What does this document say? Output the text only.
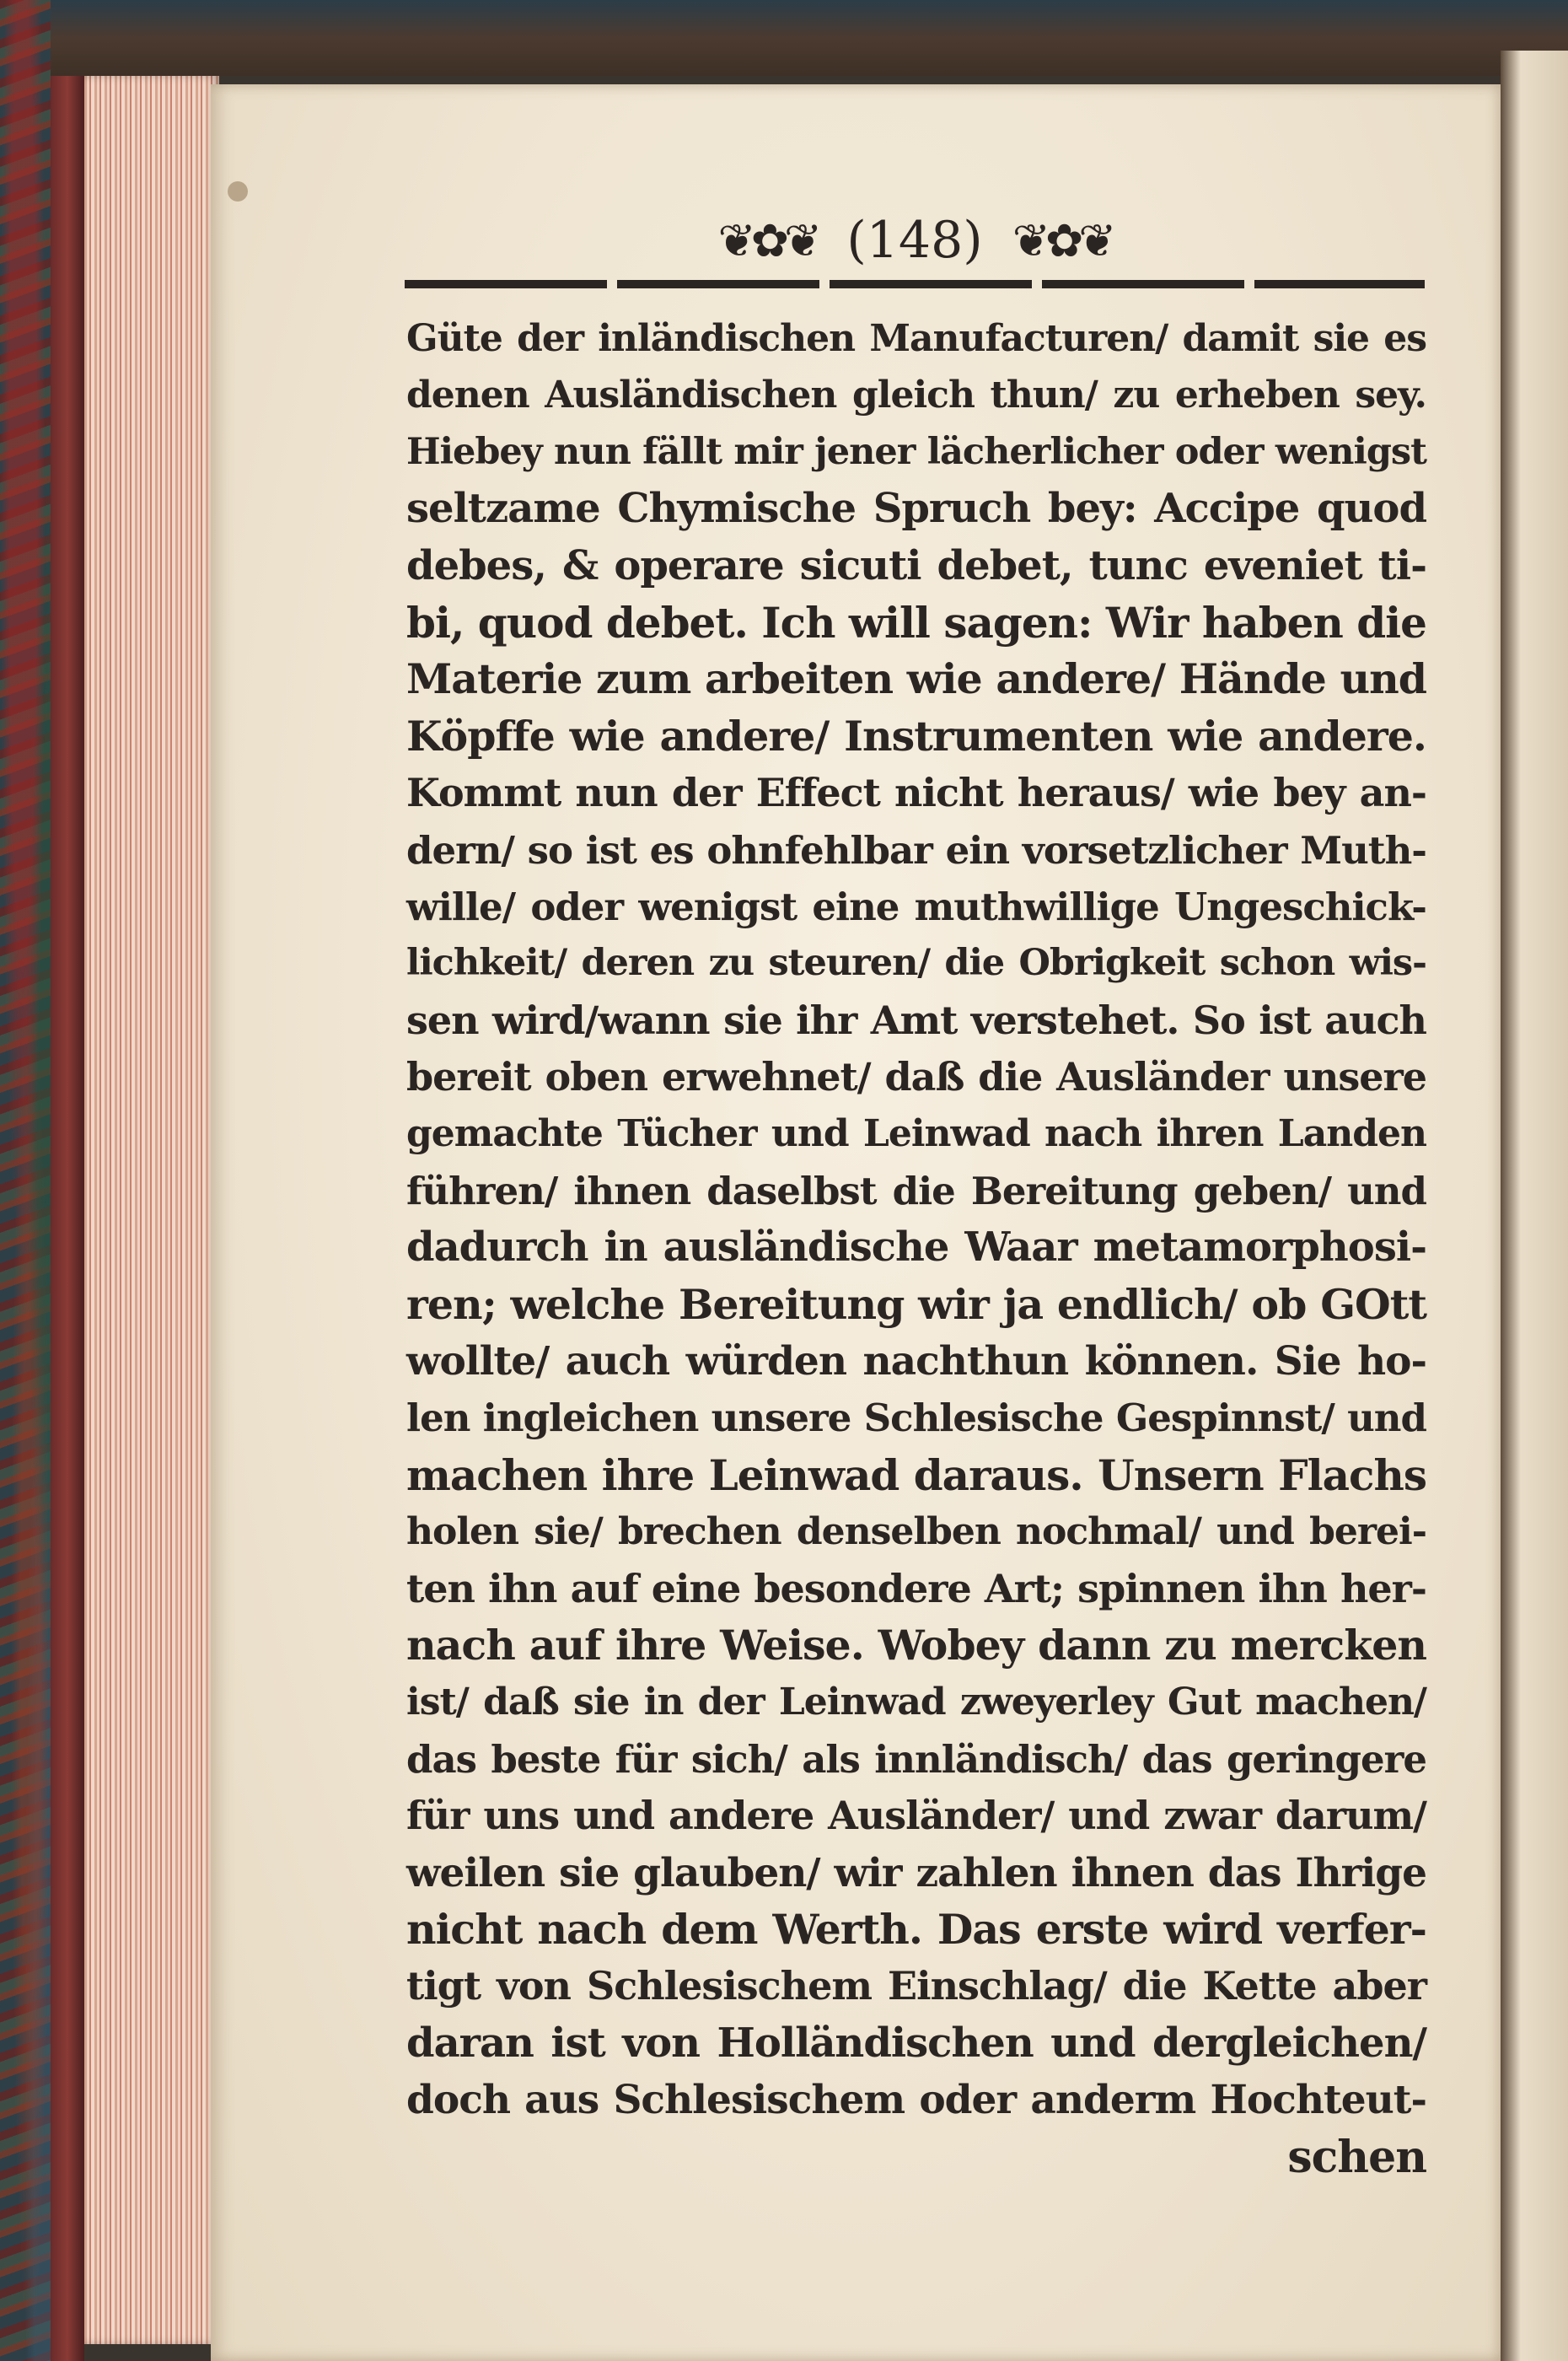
❦✿❦ (148) ❦✿❦
Güte der inländischen Manufacturen/ damit sie es
denen Ausländischen gleich thun/ zu erheben sey.
Hiebey nun fällt mir jener lächerlicher oder wenigst
seltzame Chymische Spruch bey: Accipe quod
debes, & operare sicuti debet, tunc eveniet ti-
bi, quod debet. Ich will sagen: Wir haben die
Materie zum arbeiten wie andere/ Hände und
Köpffe wie andere/ Instrumenten wie andere.
Kommt nun der Effect nicht heraus/ wie bey an-
dern/ so ist es ohnfehlbar ein vorsetzlicher Muth-
wille/ oder wenigst eine muthwillige Ungeschick-
lichkeit/ deren zu steuren/ die Obrigkeit schon wis-
sen wird/wann sie ihr Amt verstehet. So ist auch
bereit oben erwehnet/ daß die Ausländer unsere
gemachte Tücher und Leinwad nach ihren Landen
führen/ ihnen daselbst die Bereitung geben/ und
dadurch in ausländische Waar metamorphosi-
ren; welche Bereitung wir ja endlich/ ob GOtt
wollte/ auch würden nachthun können. Sie ho-
len ingleichen unsere Schlesische Gespinnst/ und
machen ihre Leinwad daraus. Unsern Flachs
holen sie/ brechen denselben nochmal/ und berei-
ten ihn auf eine besondere Art; spinnen ihn her-
nach auf ihre Weise. Wobey dann zu mercken
ist/ daß sie in der Leinwad zweyerley Gut machen/
das beste für sich/ als innländisch/ das geringere
für uns und andere Ausländer/ und zwar darum/
weilen sie glauben/ wir zahlen ihnen das Ihrige
nicht nach dem Werth. Das erste wird verfer-
tigt von Schlesischem Einschlag/ die Kette aber
daran ist von Holländischen und dergleichen/
doch aus Schlesischem oder anderm Hochteut-
schen
